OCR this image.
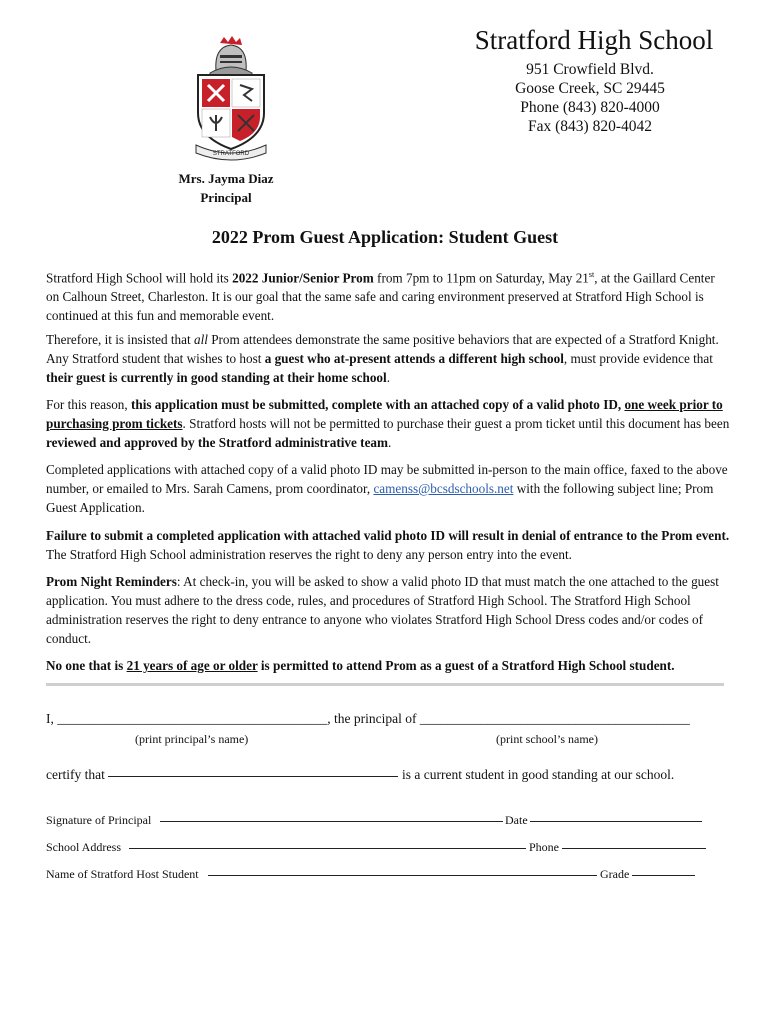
STRATFORD
Stratford High School
951 Crowfield Blvd.
Goose Creek, SC 29445
Phone (843) 820-4000
Fax (843) 820-4042
Mrs. Jayma Diaz
Principal
2022 Prom Guest Application: Student Guest

Stratford High School will hold its 2022 Junior/Senior Prom from 7pm to 11pm on Saturday, May 21st, at the Gaillard Center on Calhoun Street, Charleston. It is our goal that the same safe and caring environment preserved at Stratford High School is continued at this fun and memorable event.

Therefore, it is insisted that all Prom attendees demonstrate the same positive behaviors that are expected of a Stratford Knight. Any Stratford student that wishes to host a guest who at-present attends a different high school, must provide evidence that their guest is currently in good standing at their home school.

For this reason, this application must be submitted, complete with an attached copy of a valid photo ID, one week prior to purchasing prom tickets. Stratford hosts will not be permitted to purchase their guest a prom ticket until this document has been reviewed and approved by the Stratford administrative team.

Completed applications with attached copy of a valid photo ID may be submitted in-person to the main office, faxed to the above number, or emailed to Mrs. Sarah Camens, prom coordinator, camenss@bcsdschools.net with the following subject line; Prom Guest Application.

Failure to submit a completed application with attached valid photo ID will result in denial of entrance to the Prom event. The Stratford High School administration reserves the right to deny any person entry into the event.

Prom Night Reminders: At check-in, you will be asked to show a valid photo ID that must match the one attached to the guest application. You must adhere to the dress code, rules, and procedures of Stratford High School. The Stratford High School administration reserves the right to deny entrance to anyone who violates Stratford High School Dress codes and/or codes of conduct.

No one that is 21 years of age or older is permitted to attend Prom as a guest of a Stratford High School student.

I, ________________________________________, the principal of ________________________________________
(print principal’s name)	(print school’s name)
certify that	is a current student in good standing at our school.
Signature of Principal	Date
School Address	Phone
Name of Stratford Host Student	Grade
